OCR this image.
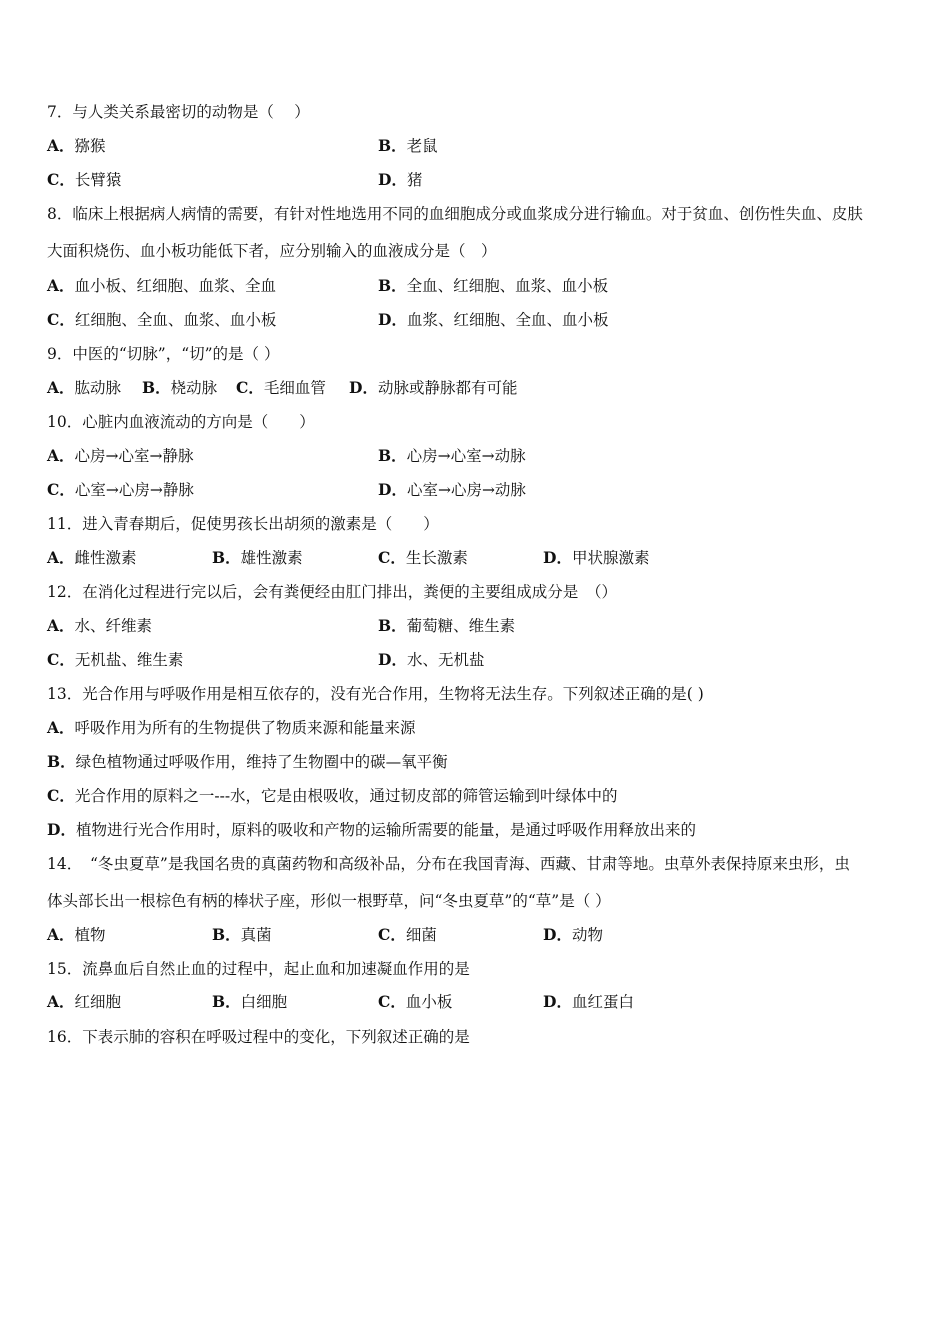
7．与人类关系最密切的动物是（　 ）
A．猕猴	B．老鼠
C．长臂猿	D．猪
8．临床上根据病人病情的需要，有针对性地选用不同的血细胞成分或血浆成分进行输血。对于贫血、创伤性失血、皮肤
大面积烧伤、血小板功能低下者，应分别输入的血液成分是（　）
A．血小板、红细胞、血浆、全血	B．全血、红细胞、血浆、血小板
C．红细胞、全血、血浆、血小板	D．血浆、红细胞、全血、血小板
9．中医的“切脉”，“切”的是（ ）
A．肱动脉 B．桡动脉 C．毛细血管 D．动脉或静脉都有可能
10．心脏内血液流动的方向是（　　）
A．心房→心室→静脉	B．心房→心室→动脉
C．心室→心房→静脉	D．心室→心房→动脉
11．进入青春期后，促使男孩长出胡须的激素是（　　）
A．雌性激素	B．雄性激素	C．生长激素	D．甲状腺激素
12．在消化过程进行完以后，会有粪便经由肛门排出，粪便的主要组成成分是　（）
A．水、纤维素	B．葡萄糖、维生素
C．无机盐、维生素	D．水、无机盐
13．光合作用与呼吸作用是相互依存的，没有光合作用，生物将无法生存。下列叙述正确的是( )
A．呼吸作用为所有的生物提供了物质来源和能量来源
B．绿色植物通过呼吸作用，维持了生物圈中的碳—氧平衡
C．光合作用的原料之一---水，它是由根吸收，通过韧皮部的筛管运输到叶绿体中的
D．植物进行光合作用时，原料的吸收和产物的运输所需要的能量，是通过呼吸作用释放出来的
14．　“冬虫夏草”是我国名贵的真菌药物和高级补品，分布在我国青海、西藏、甘肃等地。虫草外表保持原来虫形，虫
体头部长出一根棕色有柄的棒状子座，形似一根野草，问“冬虫夏草”的“草”是（ ）
A．植物	B．真菌	C．细菌	D．动物
15．流鼻血后自然止血的过程中，起止血和加速凝血作用的是
A．红细胞	B．白细胞	C．血小板	D．血红蛋白
16．下表示肺的容积在呼吸过程中的变化，下列叙述正确的是
